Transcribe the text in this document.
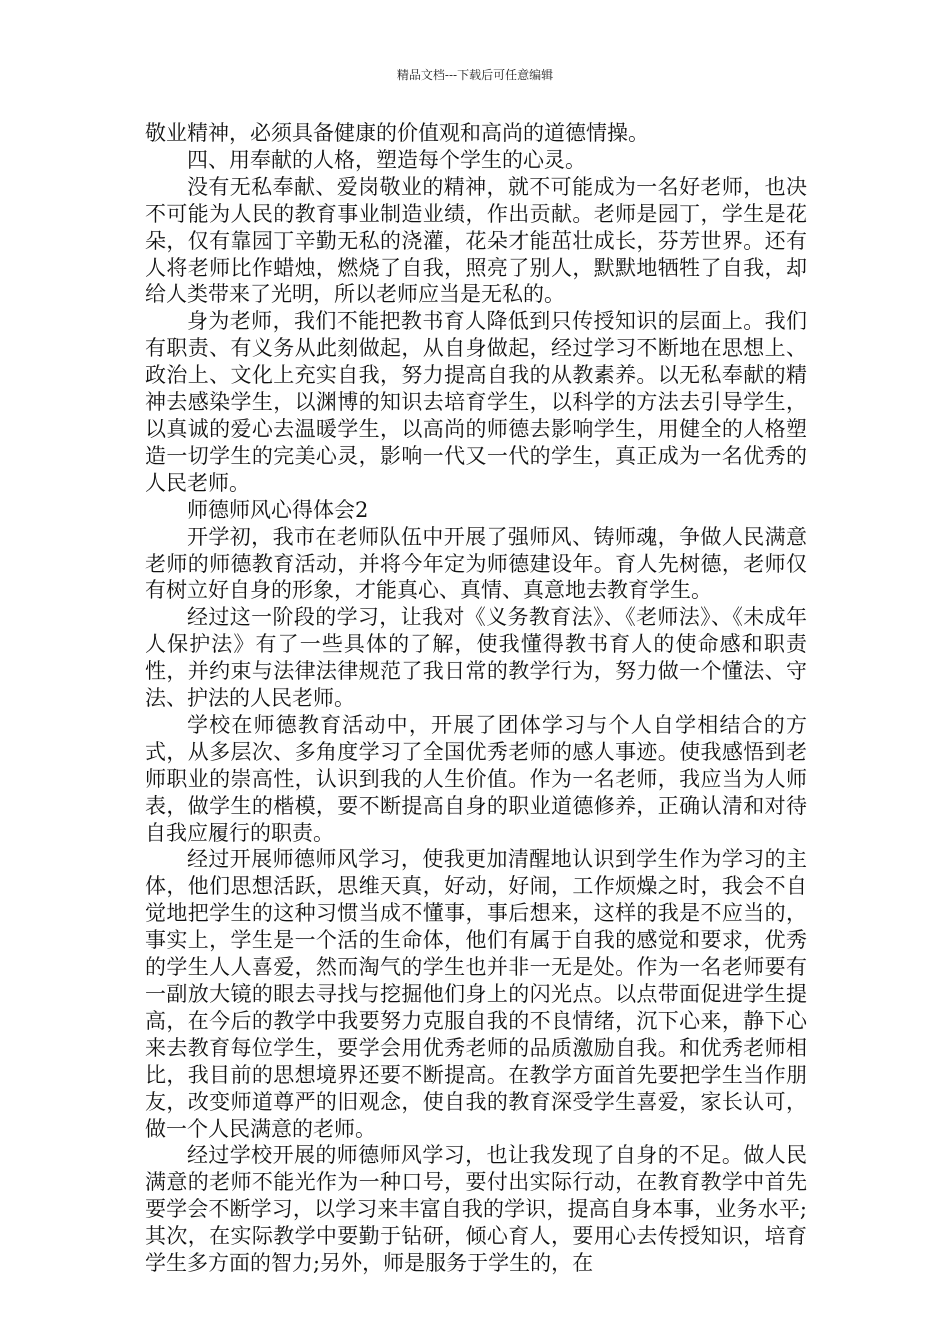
精品文档---下载后可任意编辑

敬业精神，必须具备健康的价值观和高尚的道德情操。

四、用奉献的人格，塑造每个学生的心灵。

没有无私奉献、爱岗敬业的精神，就不可能成为一名好老师，也决不可能为人民的教育事业制造业绩，作出贡献。老师是园丁，学生是花朵，仅有靠园丁辛勤无私的浇灌，花朵才能茁壮成长，芬芳世界。还有人将老师比作蜡烛，燃烧了自我，照亮了别人，默默地牺牲了自我，却给人类带来了光明，所以老师应当是无私的。

身为老师，我们不能把教书育人降低到只传授知识的层面上。我们有职责、有义务从此刻做起，从自身做起，经过学习不断地在思想上、政治上、文化上充实自我，努力提高自我的从教素养。以无私奉献的精神去感染学生，以渊博的知识去培育学生，以科学的方法去引导学生，以真诚的爱心去温暖学生，以高尚的师德去影响学生，用健全的人格塑造一切学生的完美心灵，影响一代又一代的学生，真正成为一名优秀的人民老师。

师德师风心得体会2

开学初，我市在老师队伍中开展了强师风、铸师魂，争做人民满意老师的师德教育活动，并将今年定为师德建设年。育人先树德，老师仅有树立好自身的形象，才能真心、真情、真意地去教育学生。

经过这一阶段的学习，让我对《义务教育法》、《老师法》、《未成年人保护法》有了一些具体的了解，使我懂得教书育人的使命感和职责性，并约束与法律法律规范了我日常的教学行为，努力做一个懂法、守法、护法的人民老师。

学校在师德教育活动中，开展了团体学习与个人自学相结合的方式，从多层次、多角度学习了全国优秀老师的感人事迹。使我感悟到老师职业的崇高性，认识到我的人生价值。作为一名老师，我应当为人师表，做学生的楷模，要不断提高自身的职业道德修养，正确认清和对待自我应履行的职责。

经过开展师德师风学习，使我更加清醒地认识到学生作为学习的主体，他们思想活跃，思维天真，好动，好闹，工作烦燥之时，我会不自觉地把学生的这种习惯当成不懂事，事后想来，这样的我是不应当的，事实上，学生是一个活的生命体，他们有属于自我的感觉和要求，优秀的学生人人喜爱，然而淘气的学生也并非一无是处。作为一名老师要有一副放大镜的眼去寻找与挖掘他们身上的闪光点。以点带面促进学生提高，在今后的教学中我要努力克服自我的不良情绪，沉下心来，静下心来去教育每位学生，要学会用优秀老师的品质激励自我。和优秀老师相比，我目前的思想境界还要不断提高。在教学方面首先要把学生当作朋友，改变师道尊严的旧观念，使自我的教育深受学生喜爱，家长认可，做一个人民满意的老师。

经过学校开展的师德师风学习，也让我发现了自身的不足。做人民满意的老师不能光作为一种口号，要付出实际行动，在教育教学中首先要学会不断学习，以学习来丰富自我的学识，提高自身本事，业务水平;其次，在实际教学中要勤于钻研，倾心育人，要用心去传授知识，培育学生多方面的智力;另外，师是服务于学生的，在
